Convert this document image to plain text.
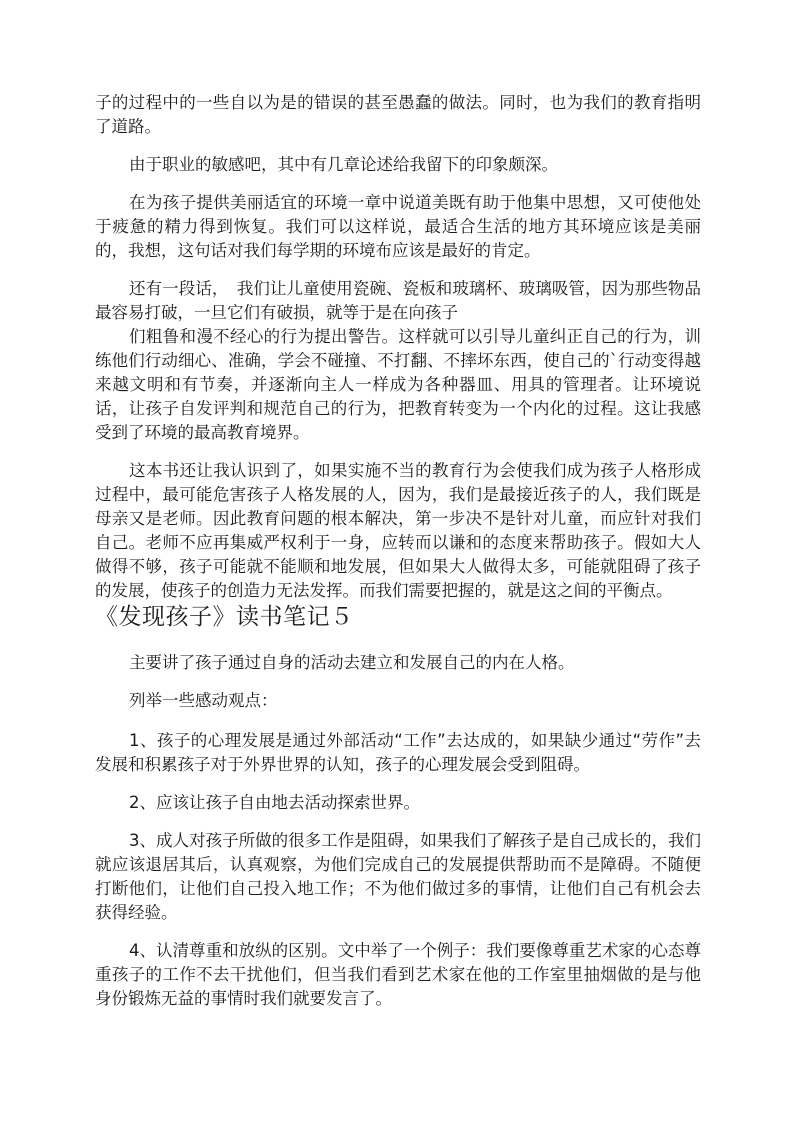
子的过程中的一些自以为是的错误的甚至愚蠢的做法。同时，也为我们的教育指明了道路。

由于职业的敏感吧，其中有几章论述给我留下的印象颇深。

在为孩子提供美丽适宜的环境一章中说道美既有助于他集中思想，又可使他处于疲惫的精力得到恢复。我们可以这样说，最适合生活的地方其环境应该是美丽的，我想，这句话对我们每学期的环境布应该是最好的肯定。

还有一段话，　我们让儿童使用瓷碗、瓷板和玻璃杯、玻璃吸管，因为那些物品最容易打破，一旦它们有破损，就等于是在向孩子

们粗鲁和漫不经心的行为提出警告。这样就可以引导儿童纠正自己的行为，训练他们行动细心、准确，学会不碰撞、不打翻、不摔坏东西，使自己的`行动变得越来越文明和有节奏，并逐渐向主人一样成为各种器皿、用具的管理者。让环境说话，让孩子自发评判和规范自己的行为，把教育转变为一个内化的过程。这让我感受到了环境的最高教育境界。

这本书还让我认识到了，如果实施不当的教育行为会使我们成为孩子人格形成过程中，最可能危害孩子人格发展的人，因为，我们是最接近孩子的人，我们既是母亲又是老师。因此教育问题的根本解决，第一步决不是针对儿童，而应针对我们自己。老师不应再集威严权利于一身，应转而以谦和的态度来帮助孩子。假如大人做得不够，孩子可能就不能顺和地发展，但如果大人做得太多，可能就阻碍了孩子的发展，使孩子的创造力无法发挥。而我们需要把握的，就是这之间的平衡点。

《发现孩子》读书笔记５

主要讲了孩子通过自身的活动去建立和发展自己的内在人格。

列举一些感动观点：

1、孩子的心理发展是通过外部活动“工作”去达成的，如果缺少通过“劳作”去发展和积累孩子对于外界世界的认知，孩子的心理发展会受到阻碍。

2、应该让孩子自由地去活动探索世界。

3、成人对孩子所做的很多工作是阻碍，如果我们了解孩子是自己成长的，我们就应该退居其后，认真观察，为他们完成自己的发展提供帮助而不是障碍。不随便打断他们，让他们自己投入地工作；不为他们做过多的事情，让他们自己有机会去获得经验。

4、认清尊重和放纵的区别。文中举了一个例子：我们要像尊重艺术家的心态尊重孩子的工作不去干扰他们，但当我们看到艺术家在他的工作室里抽烟做的是与他身份锻炼无益的事情时我们就要发言了。
